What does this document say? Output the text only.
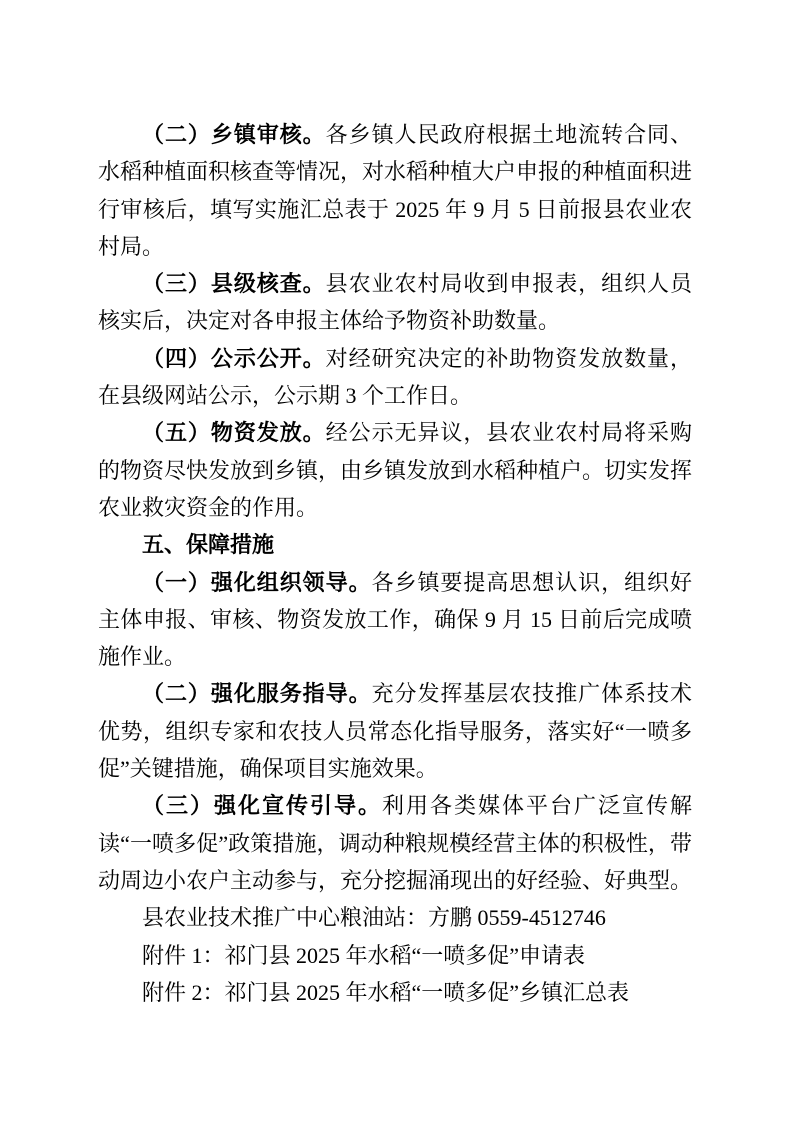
（二）乡镇审核。各乡镇人民政府根据土地流转合同、水稻种植面积核查等情况，对水稻种植大户申报的种植面积进行审核后，填写实施汇总表于 2025 年 9 月 5 日前报县农业农村局。

（三）县级核查。县农业农村局收到申报表，组织人员核实后，决定对各申报主体给予物资补助数量。

（四）公示公开。对经研究决定的补助物资发放数量，在县级网站公示，公示期 3 个工作日。

（五）物资发放。经公示无异议，县农业农村局将采购的物资尽快发放到乡镇，由乡镇发放到水稻种植户。切实发挥农业救灾资金的作用。

五、保障措施

（一）强化组织领导。各乡镇要提高思想认识，组织好主体申报、审核、物资发放工作，确保 9 月 15 日前后完成喷施作业。

（二）强化服务指导。充分发挥基层农技推广体系技术优势，组织专家和农技人员常态化指导服务，落实好“一喷多促”关键措施，确保项目实施效果。

（三）强化宣传引导。利用各类媒体平台广泛宣传解读“一喷多促”政策措施，调动种粮规模经营主体的积极性，带动周边小农户主动参与，充分挖掘涌现出的好经验、好典型。

县农业技术推广中心粮油站：方鹏 0559-4512746

附件 1：祁门县 2025 年水稻“一喷多促”申请表

附件 2：祁门县 2025 年水稻“一喷多促”乡镇汇总表
